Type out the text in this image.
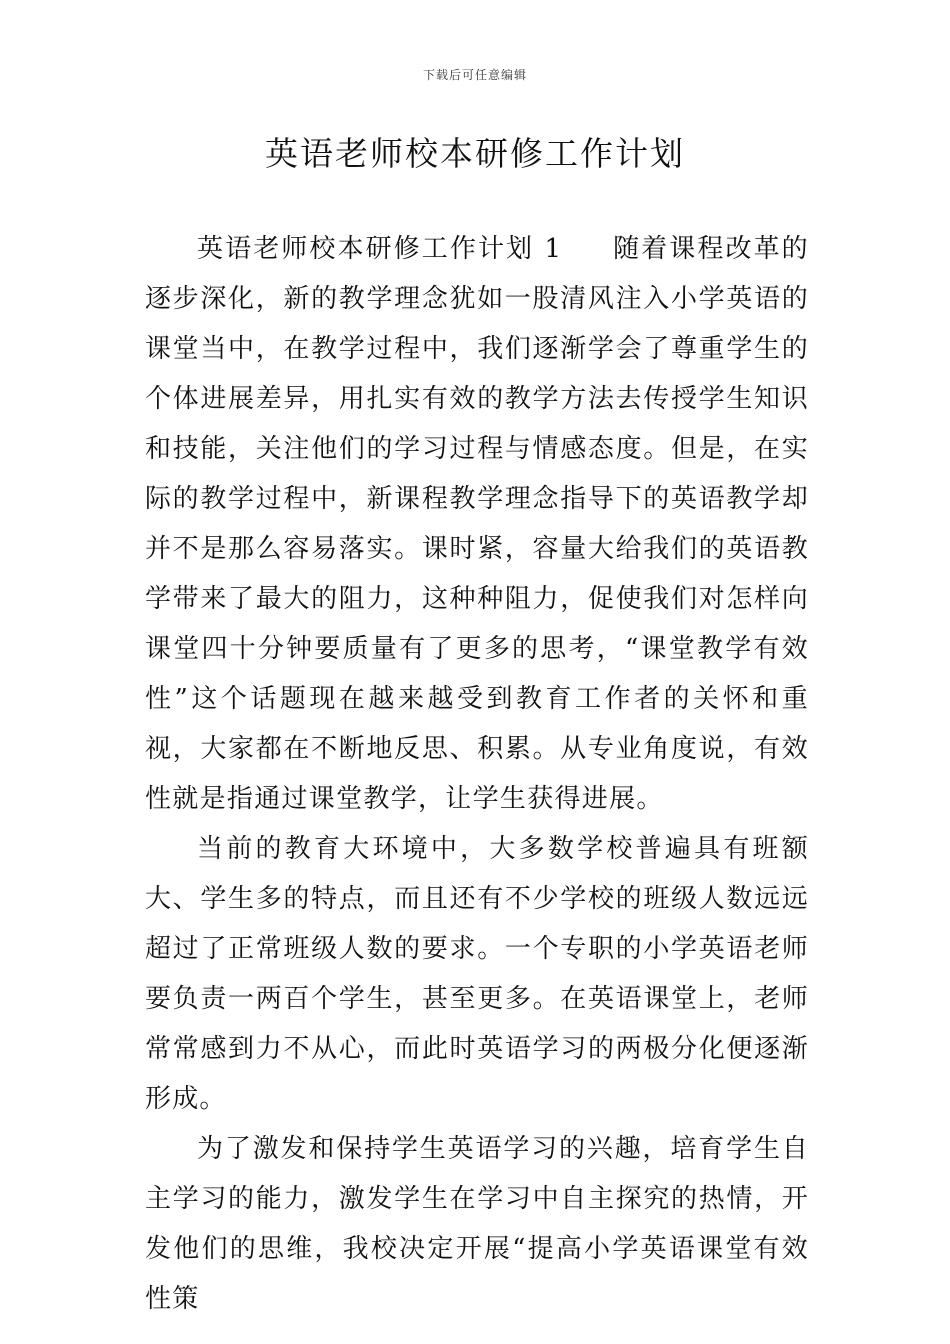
下载后可任意编辑
英语老师校本研修工作计划

英语老师校本研修工作计划 1 随着课程改革的逐步深化，新的教学理念犹如一股清风注入小学英语的课堂当中，在教学过程中，我们逐渐学会了尊重学生的个体进展差异，用扎实有效的教学方法去传授学生知识和技能，关注他们的学习过程与情感态度。但是，在实际的教学过程中，新课程教学理念指导下的英语教学却并不是那么容易落实。课时紧，容量大给我们的英语教学带来了最大的阻力，这种种阻力，促使我们对怎样向课堂四十分钟要质量有了更多的思考，“课堂教学有效性”这个话题现在越来越受到教育工作者的关怀和重视，大家都在不断地反思、积累。从专业角度说，有效性就是指通过课堂教学，让学生获得进展。

当前的教育大环境中，大多数学校普遍具有班额大、学生多的特点，而且还有不少学校的班级人数远远超过了正常班级人数的要求。一个专职的小学英语老师要负责一两百个学生，甚至更多。在英语课堂上，老师常常感到力不从心，而此时英语学习的两极分化便逐渐形成。

为了激发和保持学生英语学习的兴趣，培育学生自主学习的能力，激发学生在学习中自主探究的热情，开发他们的思维，我校决定开展“提高小学英语课堂有效性策
